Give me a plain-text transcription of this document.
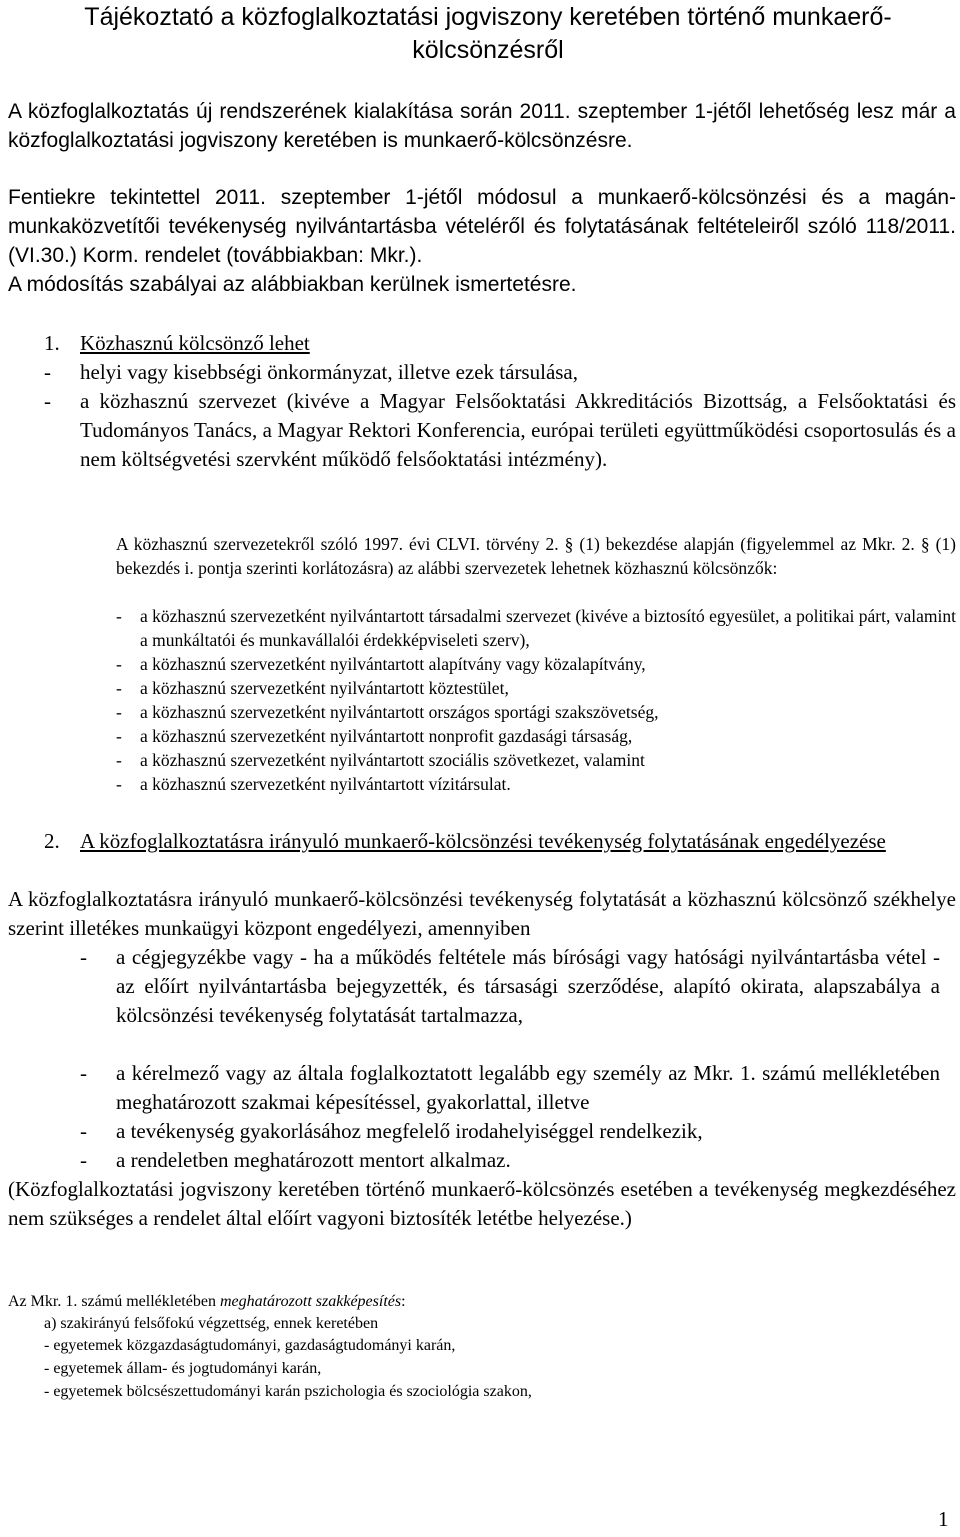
Tájékoztató a közfoglalkoztatási jogviszony keretében történő munkaerő-kölcsönzésről
A közfoglalkoztatás új rendszerének kialakítása során 2011. szeptember 1-jétől lehetőség lesz már a közfoglalkoztatási jogviszony keretében is munkaerő-kölcsönzésre.
Fentiekre tekintettel 2011. szeptember 1-jétől módosul a munkaerő-kölcsönzési és a magán-munkaközvetítői tevékenység nyilvántartásba vételéről és folytatásának feltételeiről szóló 118/2011. (VI.30.) Korm. rendelet (továbbiakban: Mkr.).
A módosítás szabályai az alábbiakban kerülnek ismertetésre.
1. Közhasznú kölcsönző lehet
- helyi vagy kisebbségi önkormányzat, illetve ezek társulása,
- a közhasznú szervezet (kivéve a Magyar Felsőoktatási Akkreditációs Bizottság, a Felsőoktatási és Tudományos Tanács, a Magyar Rektori Konferencia, európai területi együttműködési csoportosulás és a nem költségvetési szervként működő felsőoktatási intézmény).
A közhasznú szervezetekről szóló 1997. évi CLVI. törvény 2. § (1) bekezdése alapján (figyelemmel az Mkr. 2. § (1) bekezdés i. pontja szerinti korlátozásra) az alábbi szervezetek lehetnek közhasznú kölcsönzők:
- a közhasznú szervezetként nyilvántartott társadalmi szervezet (kivéve a biztosító egyesület, a politikai párt, valamint a munkáltatói és munkavállalói érdekképviseleti szerv),
- a közhasznú szervezetként nyilvántartott alapítvány vagy közalapítvány,
- a közhasznú szervezetként nyilvántartott köztestület,
- a közhasznú szervezetként nyilvántartott országos sportági szakszövetség,
- a közhasznú szervezetként nyilvántartott nonprofit gazdasági társaság,
- a közhasznú szervezetként nyilvántartott szociális szövetkezet, valamint
- a közhasznú szervezetként nyilvántartott vízitársulat.
2. A közfoglalkoztatásra irányuló munkaerő-kölcsönzési tevékenység folytatásának engedélyezése
A közfoglalkoztatásra irányuló munkaerő-kölcsönzési tevékenység folytatását a közhasznú kölcsönző székhelye szerint illetékes munkaügyi központ engedélyezi, amennyiben
- a cégjegyzékbe vagy - ha a működés feltétele más bírósági vagy hatósági nyilvántartásba vétel - az előírt nyilvántartásba bejegyzették, és társasági szerződése, alapító okirata, alapszabálya a kölcsönzési tevékenység folytatását tartalmazza,
- a kérelmező vagy az általa foglalkoztatott legalább egy személy az Mkr. 1. számú mellékletében meghatározott szakmai képesítéssel, gyakorlattal, illetve
- a tevékenység gyakorlásához megfelelő irodahelyiséggel rendelkezik,
- a rendeletben meghatározott mentort alkalmaz.
(Közfoglalkoztatási jogviszony keretében történő munkaerő-kölcsönzés esetében a tevékenység megkezdéséhez nem szükséges a rendelet által előírt vagyoni biztosíték letétbe helyezése.)
Az Mkr. 1. számú mellékletében meghatározott szakképesítés:
a) szakirányú felsőfokú végzettség, ennek keretében
- egyetemek közgazdaságtudományi, gazdaságtudományi karán,
- egyetemek állam- és jogtudományi karán,
- egyetemek bölcsészettudományi karán pszichologia és szociológia szakon,
1
